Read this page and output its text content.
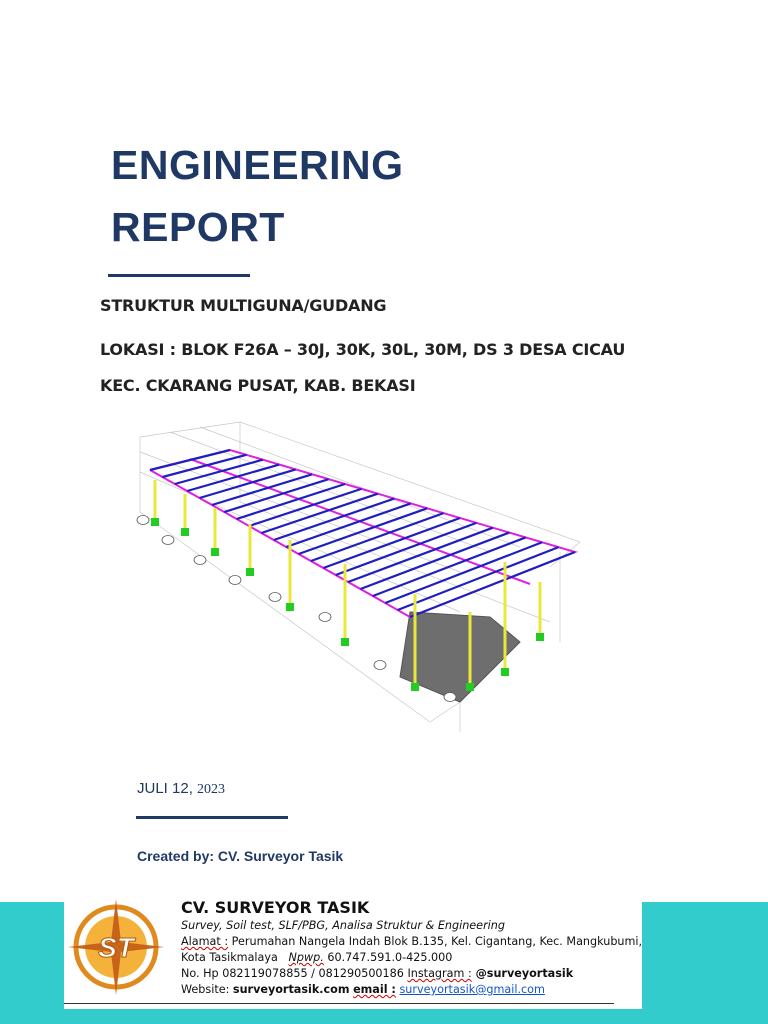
ENGINEERING
REPORT
STRUKTUR MULTIGUNA/GUDANG
LOKASI : BLOK F26A – 30J, 30K, 30L, 30M, DS 3 DESA CICAU
KEC. CKARANG PUSAT, KAB. BEKASI
JULI 12, 2023
Created by: CV. Surveyor Tasik
ST
CV. SURVEYOR TASIK
Survey, Soil test, SLF/PBG, Analisa Struktur & Engineering
Alamat : Perumahan Nangela Indah Blok B.135, Kel. Cigantang, Kec. Mangkubumi,
Kota Tasikmalaya Npwp. 60.747.591.0-425.000
No. Hp 082119078855 / 081290500186 Instagram : @surveyortasik
Website: surveyortasik.com email : surveyortasik@gmail.com
